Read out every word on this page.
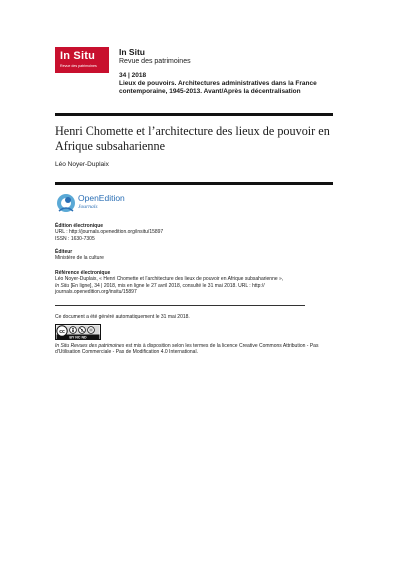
In Situ
Revue des patrimoines
In Situ
Revue des patrimoines
34 | 2018
Lieux de pouvoirs. Architectures administratives dans la France contemporaine, 1945-2013. Avant/Après la décentralisation
Henri Chomette et l’architecture des lieux de pouvoir en Afrique subsaharienne
Léo Noyer-Duplaix
OpenEdition
Journals
Édition électronique
URL : http://journals.openedition.org/insitu/15897
ISSN : 1630-7305
Éditeur
Ministère de la culture
Référence électronique
Léo Noyer-Duplaix, « Henri Chomette et l’architecture des lieux de pouvoir en Afrique subsaharienne »,
In Situ [En ligne], 34 | 2018, mis en ligne le 27 avril 2018, consulté le 31 mai 2018. URL : http://
journals.openedition.org/insitu/15897
Ce document a été généré automatiquement le 31 mai 2018.
cc
BY NC ND
In Situ Revues des patrimoines est mis à disposition selon les termes de la licence Creative Commons Attribution - Pas d'Utilisation Commerciale - Pas de Modification 4.0 International.
